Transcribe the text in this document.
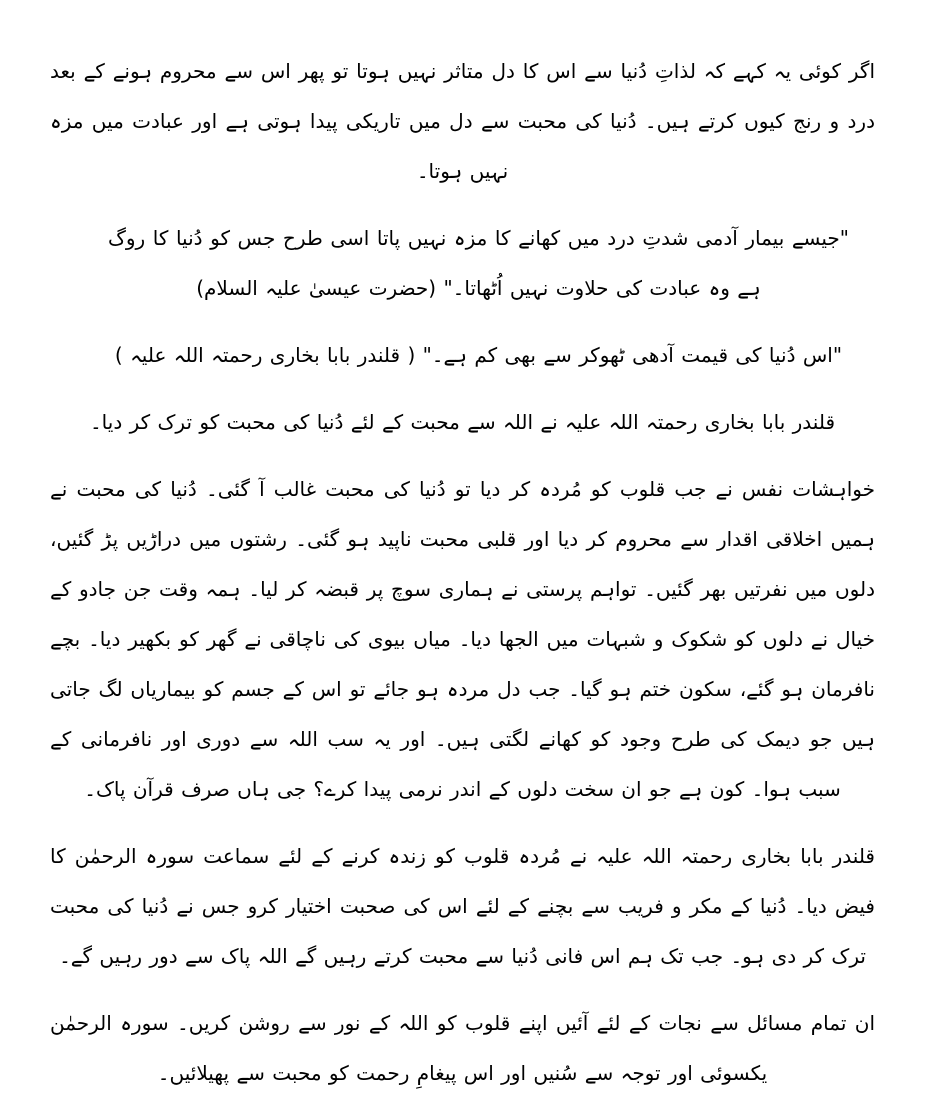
اگر کوئی یہ کہے کہ لذاتِ دُنیا سے اس کا دل متاثر نہیں ہوتا تو پھر اس سے محروم ہونے کے بعد درد و رنج کیوں کرتے ہیں۔ دُنیا کی محبت سے دل میں تاریکی پیدا ہوتی ہے اور عبادت میں مزہ نہیں ہوتا۔

"جیسے بیمار آدمی شدتِ درد میں کھانے کا مزہ نہیں پاتا اسی طرح جس کو دُنیا کا روگ ہے وہ عبادت کی حلاوت نہیں اُٹھاتا۔" (حضرت عیسیٰ علیہ السلام)

"اس دُنیا کی قیمت آدھی ٹھوکر سے بھی کم ہے۔" ( قلندر بابا بخاری رحمتہ اللہ علیہ )

قلندر بابا بخاری رحمتہ اللہ علیہ نے اللہ سے محبت کے لئے دُنیا کی محبت کو ترک کر دیا۔

خواہشات نفس نے جب قلوب کو مُردہ کر دیا تو دُنیا کی محبت غالب آ گئی۔ دُنیا کی محبت نے ہمیں اخلاقی اقدار سے محروم کر دیا اور قلبی محبت ناپید ہو گئی۔ رشتوں میں دراڑیں پڑ گئیں، دلوں میں نفرتیں بھر گئیں۔ تواہم پرستی نے ہماری سوچ پر قبضہ کر لیا۔ ہمہ وقت جن جادو کے خیال نے دلوں کو شکوک و شبہات میں الجھا دیا۔ میاں بیوی کی ناچاقی نے گھر کو بکھیر دیا۔ بچے نافرمان ہو گئے، سکون ختم ہو گیا۔ جب دل مردہ ہو جائے تو اس کے جسم کو بیماریاں لگ جاتی ہیں جو دیمک کی طرح وجود کو کھانے لگتی ہیں۔ اور یہ سب اللہ سے دوری اور نافرمانی کے سبب ہوا۔ کون ہے جو ان سخت دلوں کے اندر نرمی پیدا کرے؟ جی ہاں صرف قرآن پاک۔

قلندر بابا بخاری رحمتہ اللہ علیہ نے مُردہ قلوب کو زندہ کرنے کے لئے سماعت سورہ الرحمٰن کا فیض دیا۔ دُنیا کے مکر و فریب سے بچنے کے لئے اس کی صحبت اختیار کرو جس نے دُنیا کی محبت ترک کر دی ہو۔ جب تک ہم اس فانی دُنیا سے محبت کرتے رہیں گے اللہ پاک سے دور رہیں گے۔

ان تمام مسائل سے نجات کے لئے آئیں اپنے قلوب کو اللہ کے نور سے روشن کریں۔ سورہ الرحمٰن یکسوئی اور توجہ سے سُنیں اور اس پیغامِ رحمت کو محبت سے پھیلائیں۔
